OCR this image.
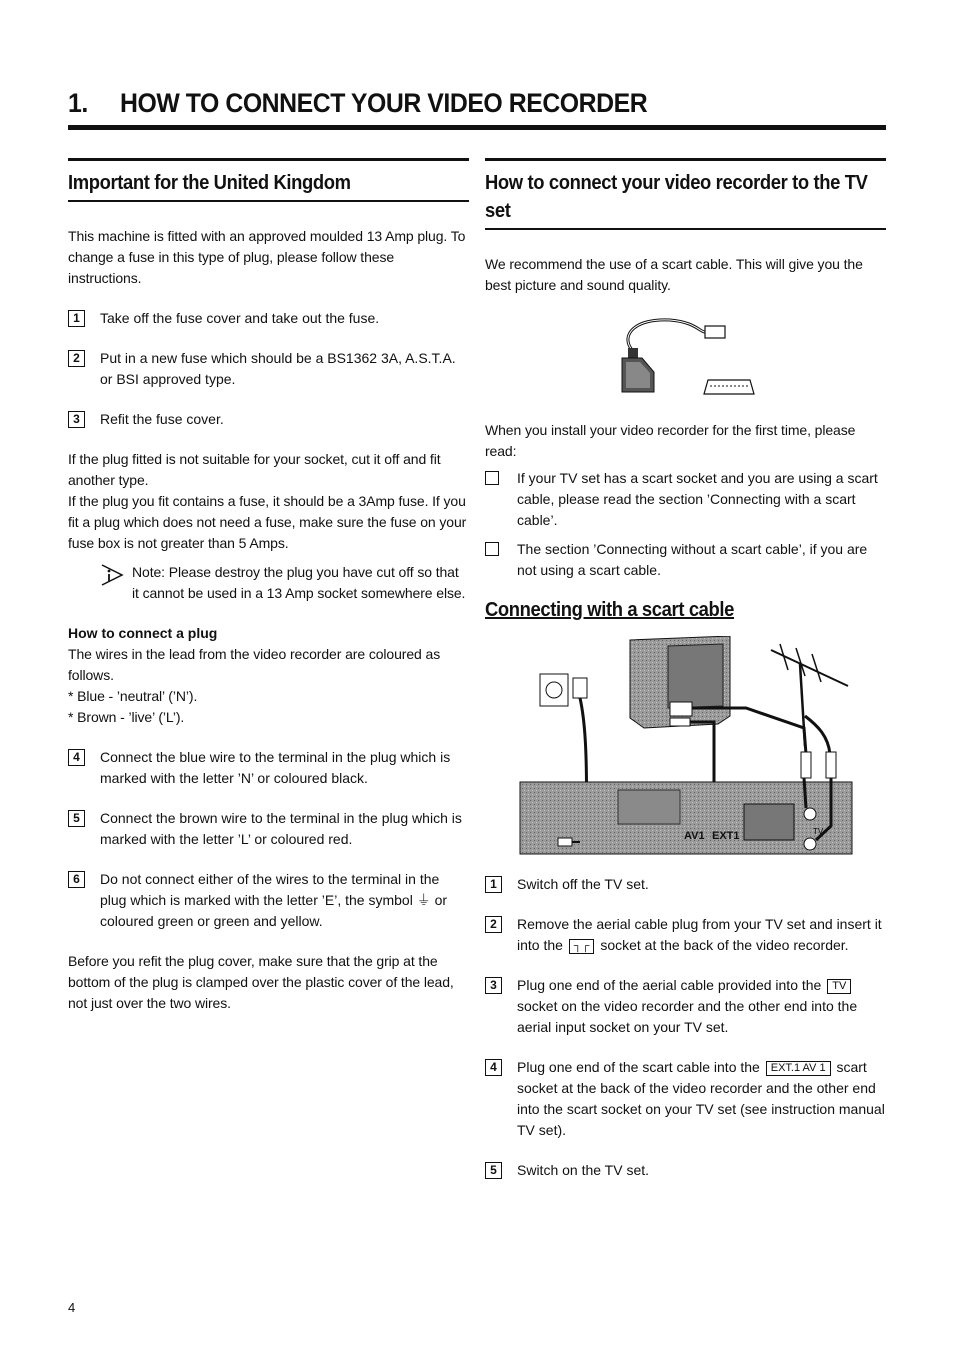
1.     HOW TO CONNECT YOUR VIDEO RECORDER
Important for the United Kingdom

This machine is fitted with an approved moulded 13 Amp plug. To change a fuse in this type of plug, please follow these instructions.

1	Take off the fuse cover and take out the fuse.
2	Put in a new fuse which should be a BS1362 3A, A.S.T.A. or BSI approved type.
3	Refit the fuse cover.

If the plug fitted is not suitable for your socket, cut it off and fit another type.

If the plug you fit contains a fuse, it should be a 3Amp fuse. If you fit a plug which does not need a fuse, make sure the fuse on your fuse box is not greater than 5 Amps.

Note: Please destroy the plug you have cut off so that it cannot be used in a 13 Amp socket somewhere else.

How to connect a plug

The wires in the lead from the video recorder are coloured as follows.

* Blue - ’neutral’ (’N’).

* Brown - ’live’ (’L’).

4	Connect the blue wire to the terminal in the plug which is marked with the letter ’N’ or coloured black.
5	Connect the brown wire to the terminal in the plug which is marked with the letter ’L’ or coloured red.
6	Do not connect either of the wires to the terminal in the plug which is marked with the letter ’E’, the symbol ⏚ or coloured green or green and yellow.

Before you refit the plug cover, make sure that the grip at the bottom of the plug is clamped over the plastic cover of the lead, not just over the two wires.

How to connect your video recorder to the TV set

We recommend the use of a scart cable. This will give you the best picture and sound quality.

When you install your video recorder for the first time, please read:

If your TV set has a scart socket and you are using a scart cable, please read the section ’Connecting with a scart cable’.
The section ’Connecting without a scart cable’, if you are not using a scart cable.
Connecting with a scart cable
AV1 EXT1	TV
1	Switch off the TV set.
2	Remove the aerial cable plug from your TV set and insert it into the ┐┌ socket at the back of the video recorder.
3	Plug one end of the aerial cable provided into the TV socket on the video recorder and the other end into the aerial input socket on your TV set.
4	Plug one end of the scart cable into the EXT.1 AV 1 scart socket at the back of the video recorder and the other end into the scart socket on your TV set (see instruction manual TV set).
5	Switch on the TV set.
4
